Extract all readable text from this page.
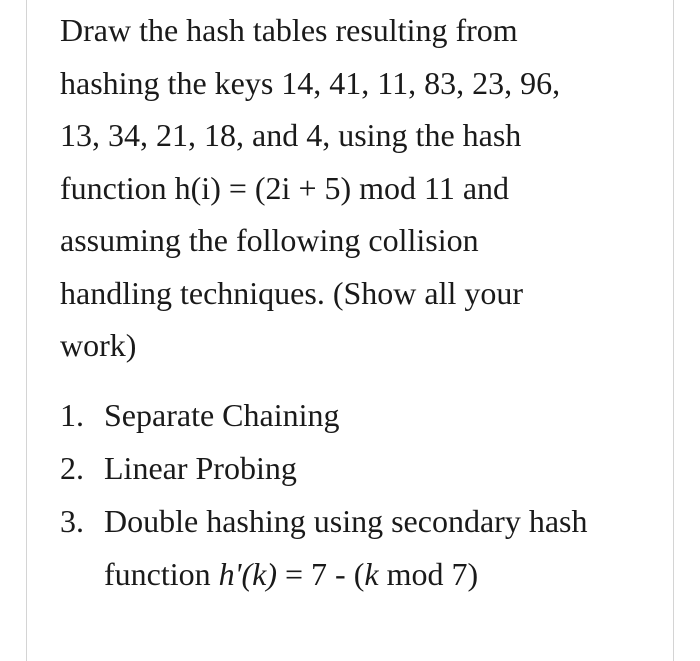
Draw the hash tables resulting from
hashing the keys 14, 41, 11, 83, 23, 96,
13, 34, 21, 18, and 4, using the hash
function h(i) = (2i + 5) mod 11 and
assuming the following collision
handling techniques. (Show all your
work)

1. Separate Chaining
2. Linear Probing
3. Double hashing using secondary hash
function h'(k) = 7 - (k mod 7)
